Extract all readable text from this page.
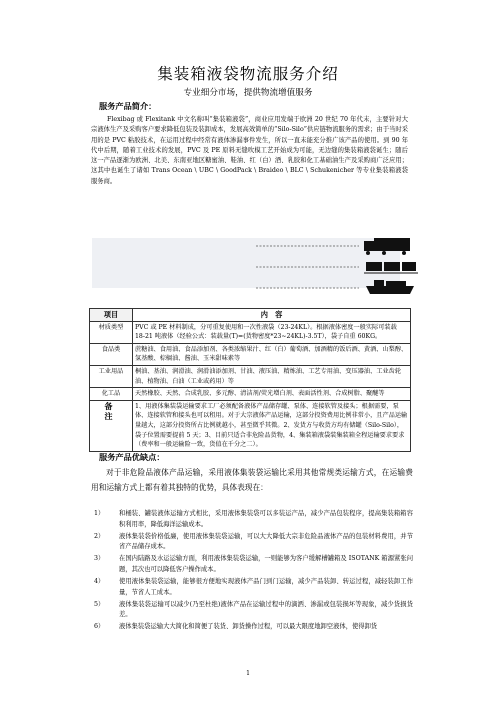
集装箱液袋物流服务介绍
专业细分市场，提供物流增值服务
服务产品简介：
Flexibag 或 Flexitank 中文名称叫“集装箱液袋”，商业应用发端于欧洲 20 世纪 70 年代末，主要针对大宗液体生产及采购客户要求降低包装及装卸成本，发展高效简单的“Silo-Silo”供应链物流服务的需求；由于当时采用的是 PVC 粘胶技术，在运用过程中经常有液体渗漏事件发生，所以一直未能充分推广该产品的使用。到 90 年代中后期，随着工业技术的发展，PVC 及 PE 原料无缝吹模工艺开始成为可能，无边缝的集装箱液袋诞生；随后这一产品逐渐为欧洲、北美、东南亚地区糖蜜油、鞋油、红（白）酒、乳胶和化工基础油生产及采购商广泛应用；这其中也诞生了诸如 Trans Ocean \ UBC \ GoodPack \ Braideo \ BLC \ Schukenicher 等专业集装箱液袋服务商。
项目	内　容
材质类型	PVC 或 PE 材料制成，分可重复使用和一次性液袋（23-24KL）。根据液体密度一般实际可装载 18-21 吨液体（经验公式：装载量(T)=(货物密度*23~24KL)-3.5T），袋子自重 60KG。
食品类	蔗糖油、食用油、食品添加剂、各类浓缩果汁、红（白）葡萄酒、加酒精的饭后酒、黄酒、山梨醇、氢基酸、棕榈油、酱油、玉米甜味素等
工业用品	桐油、基油、润滑油、润滑油添加剂、甘油、液压油、精炼油、工艺专用油、变压器油、工业齿轮油、植物油、白油（工业或药用）等
化工品	天然橡胶、天然、合成乳胶、多元醇、清洁剂/荧光增白剂、表面活性剂、合成树脂、聚醚等
备　注	1、用液体集装袋运输要求工厂必须配备液体产品储存罐、泵体、连接软管及接头；根据需要，泵体、连接软管和接头也可以租用。对于大宗液体产品运输，这部分投资费用比例非常小，且产品运输量越大，这部分投资所占比例就越小，甚至微乎其微。2、发货方与收货方均有储罐（Silo-Silo），袋子位置需要提前 5 天；3、目前只适合非危险品货物，4、集装箱液袋装集装箱全程运输要求要求（费率和一般运输险一致，货值在千分之二）。
服务产品优缺点：
对于非危险品液体产品运输，采用液体集装袋运输比采用其他常规类运输方式，在运输费用和运输方式上都有着其独特的优势，具体表现在：
1） 和桶装、罐装液体运输方式相比，采用液体集装袋可以多装运产品，减少产品包装程序，提高集装箱箱容积利用率，降低海洋运输成本。
2） 液体集装袋价格低廉，使用液体集装袋运输，可以大大降低大宗非危险品液体产品的包装材料费用，并节省产品储存成本。
3） 在国内陆路及水运运输方面，利用液体集装袋运输，一则能够为客户缓解槽罐箱及 ISOTANK 箱源紧张问题，其次也可以降低客户操作成本。
4） 使用液体集装袋运输，能够很方便地实现液体产品门到门运输，减少产品装卸、转运过程，减轻装卸工作量，节省人工成本。
5） 液体集装袋运输可以减少(乃至杜绝)液体产品在运输过程中的滴洒、渗漏或包装损坏等现象，减少货损货差。
6） 液体集装袋运输大大简化和简便了装货、卸货操作过程，可以最大限度地卸空液体，使得卸货
1
